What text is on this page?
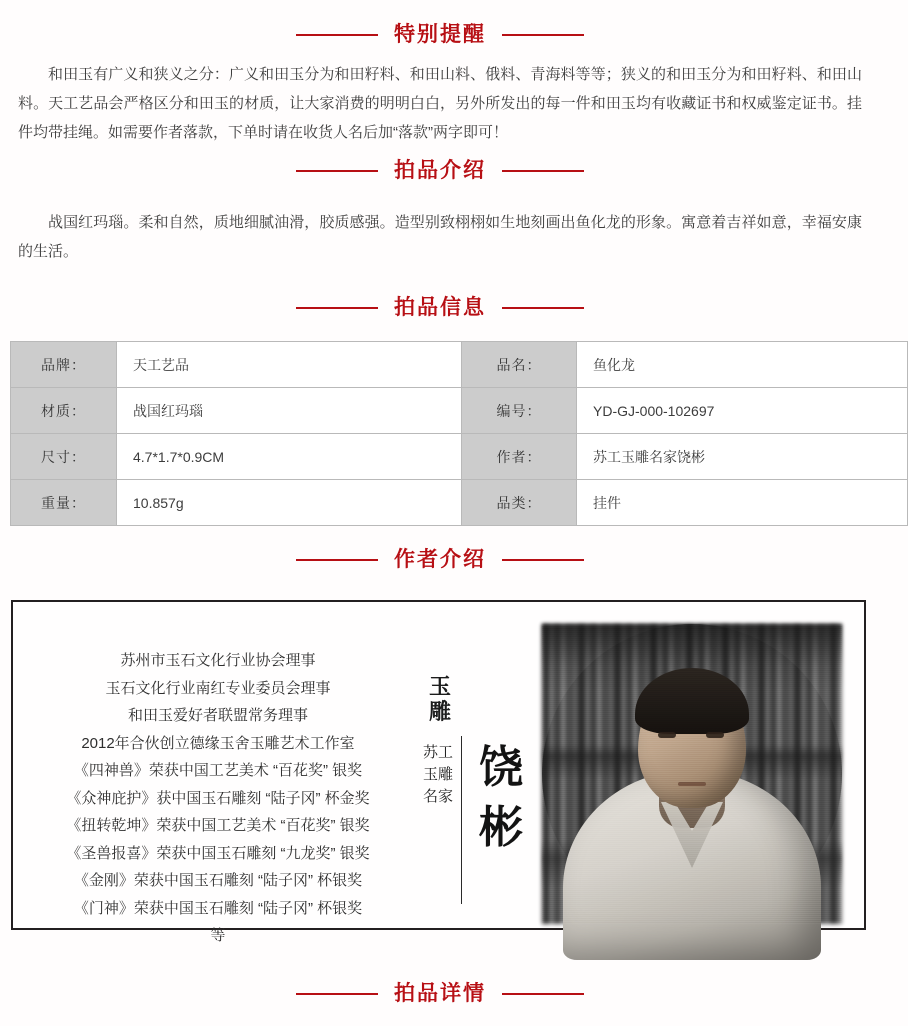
特别提醒

和田玉有广义和狭义之分：广义和田玉分为和田籽料、和田山料、俄料、青海料等等；狭义的和田玉分为和田籽料、和田山料。天工艺品会严格区分和田玉的材质，让大家消费的明明白白，另外所发出的每一件和田玉均有收藏证书和权威鉴定证书。挂件均带挂绳。如需要作者落款，下单时请在收货人名后加“落款”两字即可！

拍品介绍

战国红玛瑙。柔和自然，质地细腻油滑，胶质感强。造型别致栩栩如生地刻画出鱼化龙的形象。寓意着吉祥如意，幸福安康的生活。

拍品信息
品牌：	天工艺品	品名：	鱼化龙
材质：	战国红玛瑙	编号：	YD-GJ-000-102697
尺寸：	4.7*1.7*0.9CM	作者：	苏工玉雕名家饶彬
重量：	10.857g	品类：	挂件
作者介绍
苏州市玉石文化行业协会理事
玉石文化行业南红专业委员会理事
和田玉爱好者联盟常务理事
2012年合伙创立德缘玉舍玉雕艺术工作室
《四神兽》荣获中国工艺美术 “百花奖” 银奖
《众神庇护》获中国玉石雕刻 “陆子冈” 杯金奖
《扭转乾坤》荣获中国工艺美术 “百花奖” 银奖
《圣兽报喜》荣获中国玉石雕刻 “九龙奖” 银奖
《金刚》荣获中国玉石雕刻 “陆子冈” 杯银奖
《门神》荣获中国玉石雕刻 “陆子冈” 杯银奖
等
玉雕
苏工玉雕名家
饶彬
拍品详情
